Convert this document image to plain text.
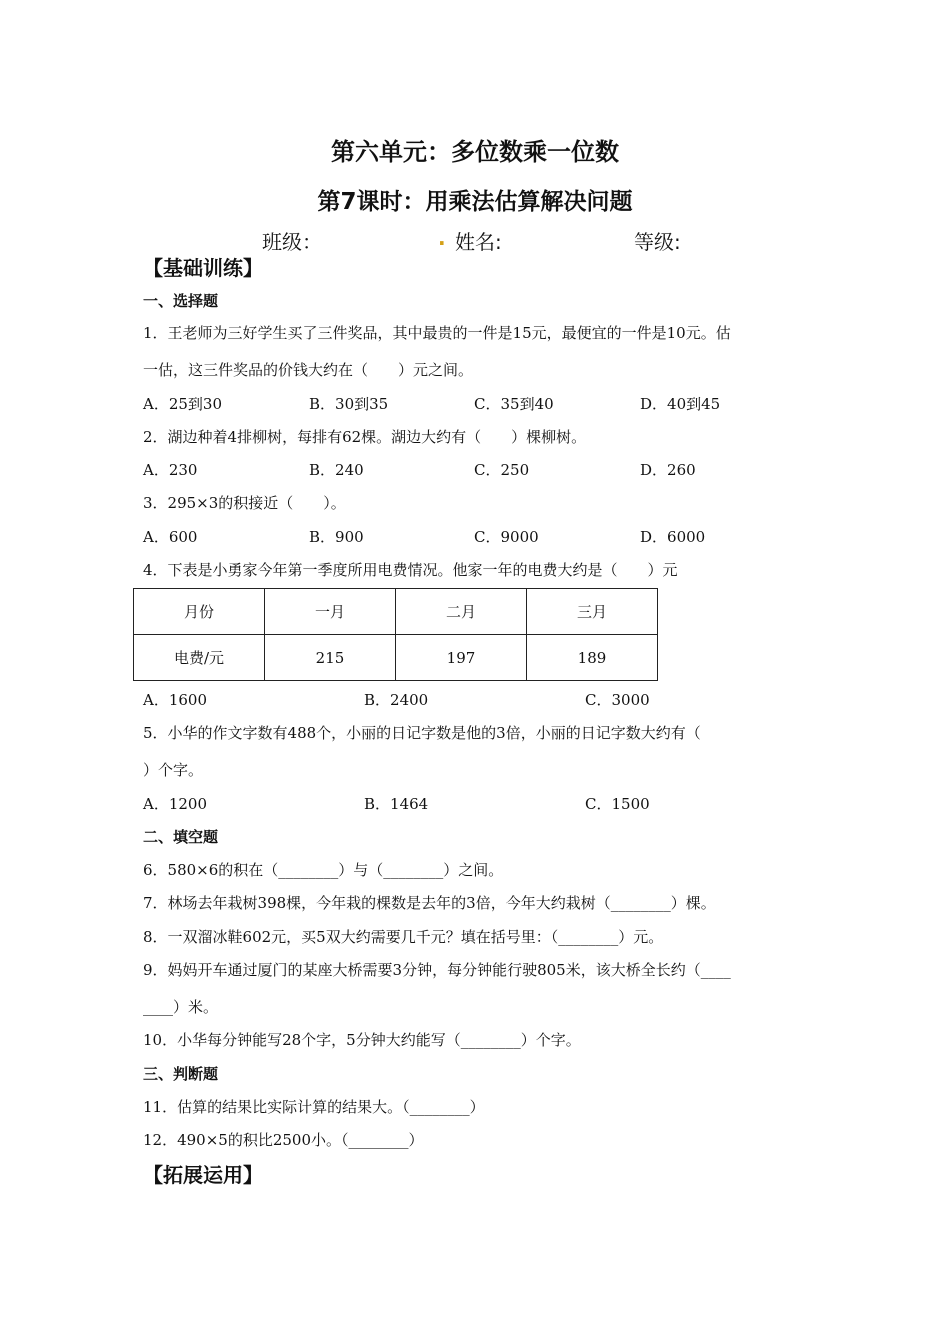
第六单元：多位数乘一位数
第7课时：用乘法估算解决问题
班级：	. 姓名:	等级:
【基础训练】
一、选择题
1．王老师为三好学生买了三件奖品，其中最贵的一件是15元，最便宜的一件是10元。估
一估，这三件奖品的价钱大约在（　　）元之间。
A．25到30	B．30到35	C．35到40	D．40到45
2．湖边种着4排柳树，每排有62棵。湖边大约有（　　）棵柳树。
A．230	B．240	C．250	D．260
3．295×3的积接近（　　）。
A．600	B．900	C．9000	D．6000
4．下表是小勇家今年第一季度所用电费情况。他家一年的电费大约是（　　）元
月份	一月	二月	三月
电费/元	215	197	189
A．1600	B．2400	C．3000
5．小华的作文字数有488个，小丽的日记字数是他的3倍，小丽的日记字数大约有（
）个字。
A．1200	B．1464	C．1500
二、填空题
6．580×6的积在（________）与（________）之间。
7．林场去年栽树398棵，今年栽的棵数是去年的3倍，今年大约栽树（________）棵。
8．一双溜冰鞋602元，买5双大约需要几千元？填在括号里：（________）元。
9．妈妈开车通过厦门的某座大桥需要3分钟，每分钟能行驶805米，该大桥全长约（____
____）米。
10．小华每分钟能写28个字，5分钟大约能写（________）个字。
三、判断题
11．估算的结果比实际计算的结果大。（________）
12．490×5的积比2500小。（________）
【拓展运用】
